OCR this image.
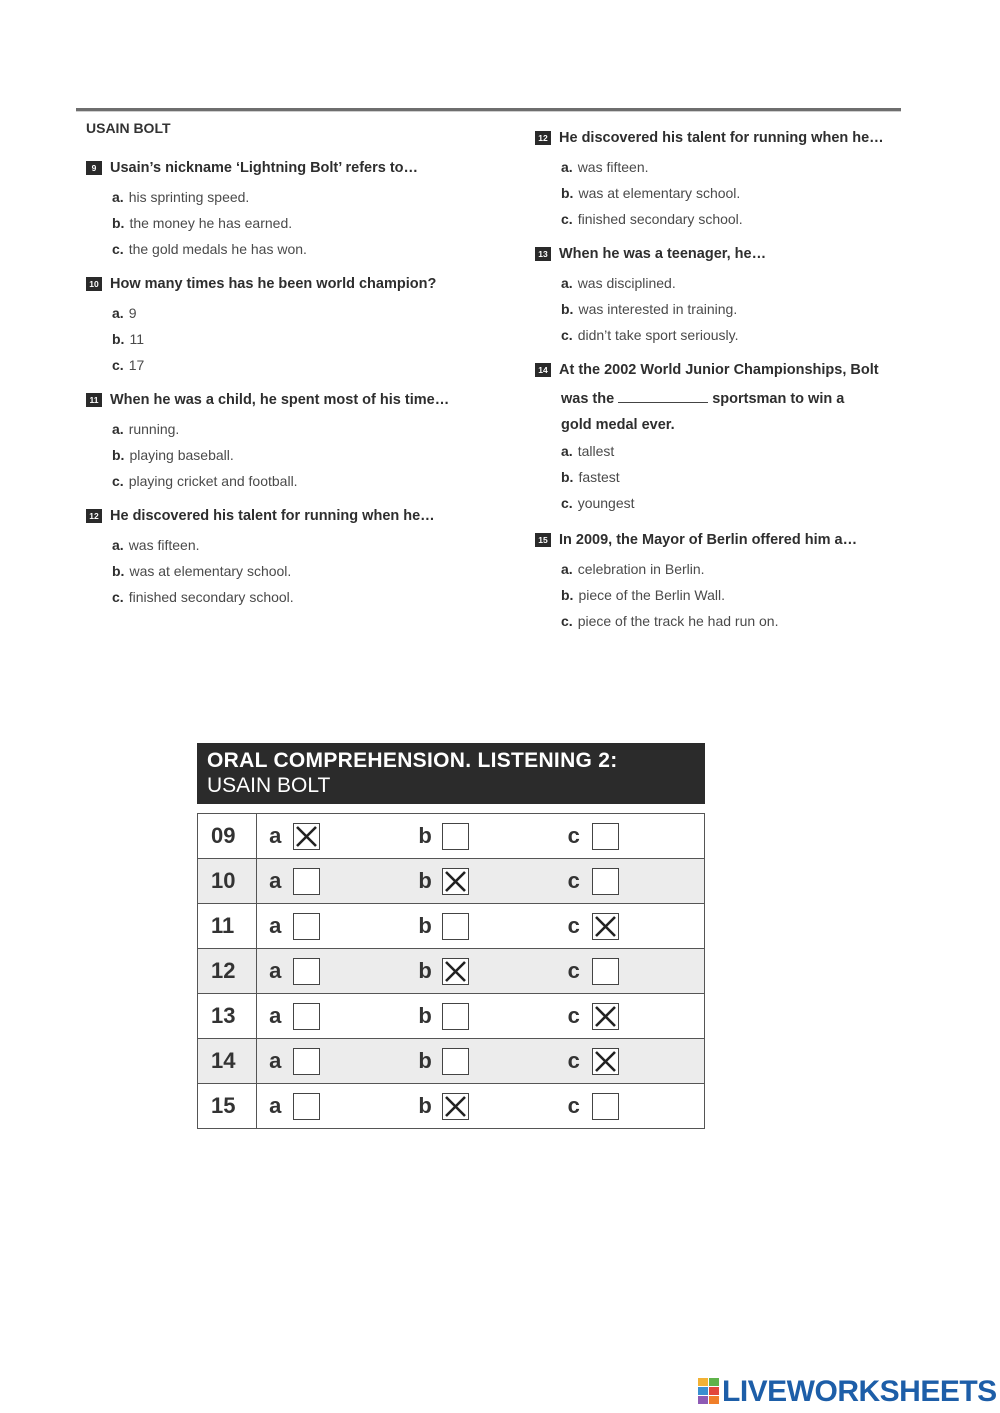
USAIN BOLT
9 Usain’s nickname ‘Lightning Bolt’ refers to…
a. his sprinting speed.
b. the money he has earned.
c. the gold medals he has won.
10 How many times has he been world champion?
a. 9
b. 11
c. 17
11 When he was a child, he spent most of his time…
a. running.
b. playing baseball.
c. playing cricket and football.
12 He discovered his talent for running when he…
a. was fifteen.
b. was at elementary school.
c. finished secondary school.
12 He discovered his talent for running when he…
a. was fifteen.
b. was at elementary school.
c. finished secondary school.
13 When he was a teenager, he…
a. was disciplined.
b. was interested in training.
c. didn’t take sport seriously.
14 At the 2002 World Junior Championships, Bolt
was the	sportsman to win a
gold medal ever.
a. tallest
b. fastest
c. youngest
15 In 2009, the Mayor of Berlin offered him a…
a. celebration in Berlin.
b. piece of the Berlin Wall.
c. piece of the track he had run on.
ORAL COMPREHENSION. LISTENING 2:
USAIN BOLT
09	a	b	c

10	a	b	c

11	a	b	c

12	a	b	c

13	a	b	c

14	a	b	c

15	a	b	c
LIVEWORKSHEETS
